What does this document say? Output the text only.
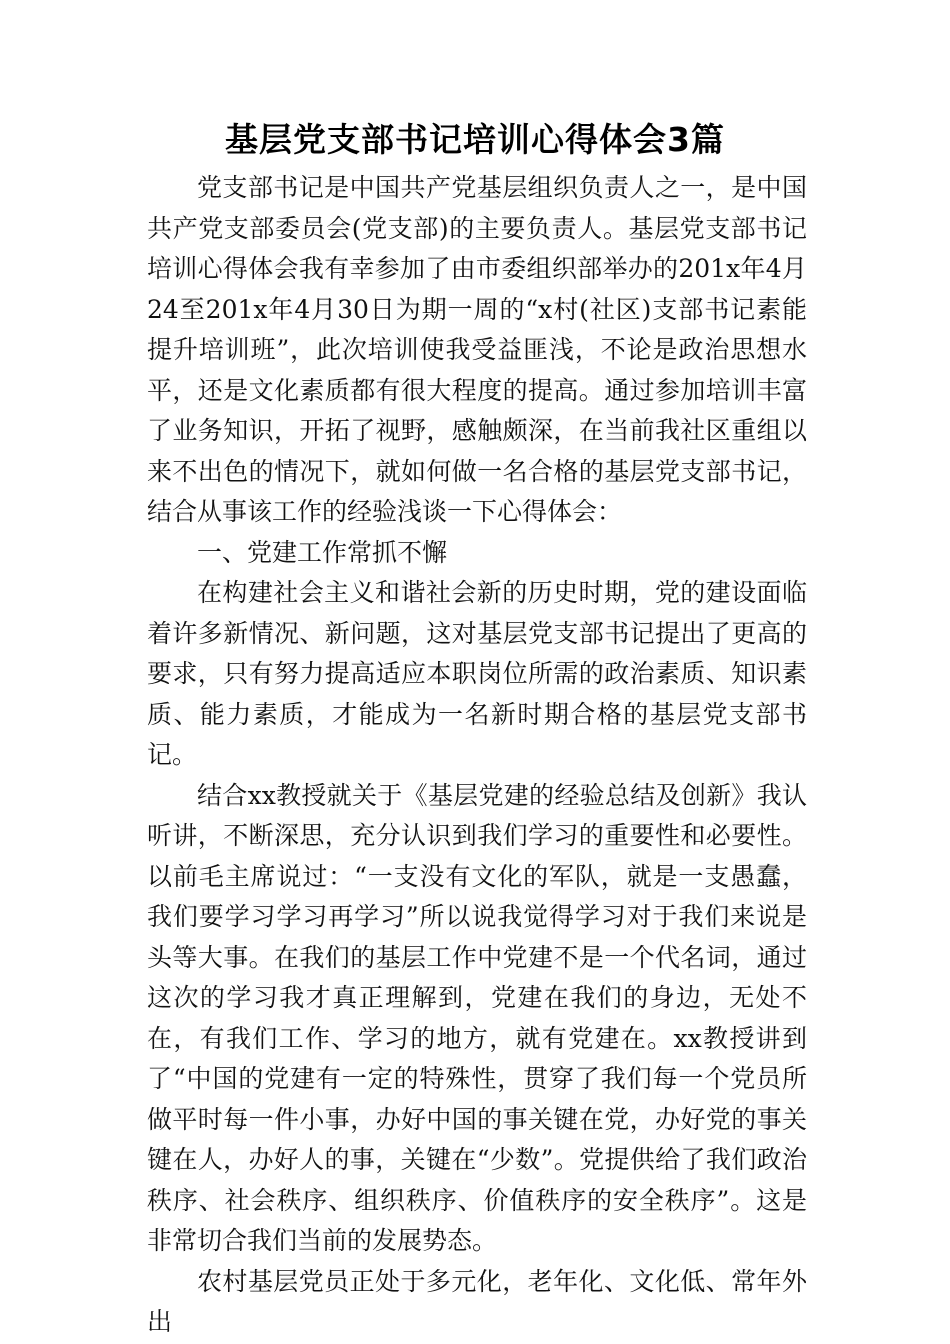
基层党支部书记培训心得体会3篇

党支部书记是中国共产党基层组织负责人之一，是中国共产党支部委员会(党支部)的主要负责人。基层党支部书记培训心得体会我有幸参加了由市委组织部举办的201x年4月24至201x年4月30日为期一周的“x村(社区)支部书记素能提升培训班”，此次培训使我受益匪浅，不论是政治思想水平，还是文化素质都有很大程度的提高。通过参加培训丰富了业务知识，开拓了视野，感触颇深，在当前我社区重组以来不出色的情况下，就如何做一名合格的基层党支部书记，结合从事该工作的经验浅谈一下心得体会：

一、党建工作常抓不懈

在构建社会主义和谐社会新的历史时期，党的建设面临着许多新情况、新问题，这对基层党支部书记提出了更高的要求，只有努力提高适应本职岗位所需的政治素质、知识素质、能力素质，才能成为一名新时期合格的基层党支部书记。

结合xx教授就关于《基层党建的经验总结及创新》我认听讲，不断深思，充分认识到我们学习的重要性和必要性。以前毛主席说过：“一支没有文化的军队，就是一支愚蠢，我们要学习学习再学习”所以说我觉得学习对于我们来说是头等大事。在我们的基层工作中党建不是一个代名词，通过这次的学习我才真正理解到，党建在我们的身边，无处不在，有我们工作、学习的地方，就有党建在。xx教授讲到了“中国的党建有一定的特殊性，贯穿了我们每一个党员所做平时每一件小事，办好中国的事关键在党，办好党的事关键在人，办好人的事，关键在“少数”。党提供给了我们政治秩序、社会秩序、组织秩序、价值秩序的安全秩序”。这是非常切合我们当前的发展势态。

农村基层党员正处于多元化，老年化、文化低、常年外出
